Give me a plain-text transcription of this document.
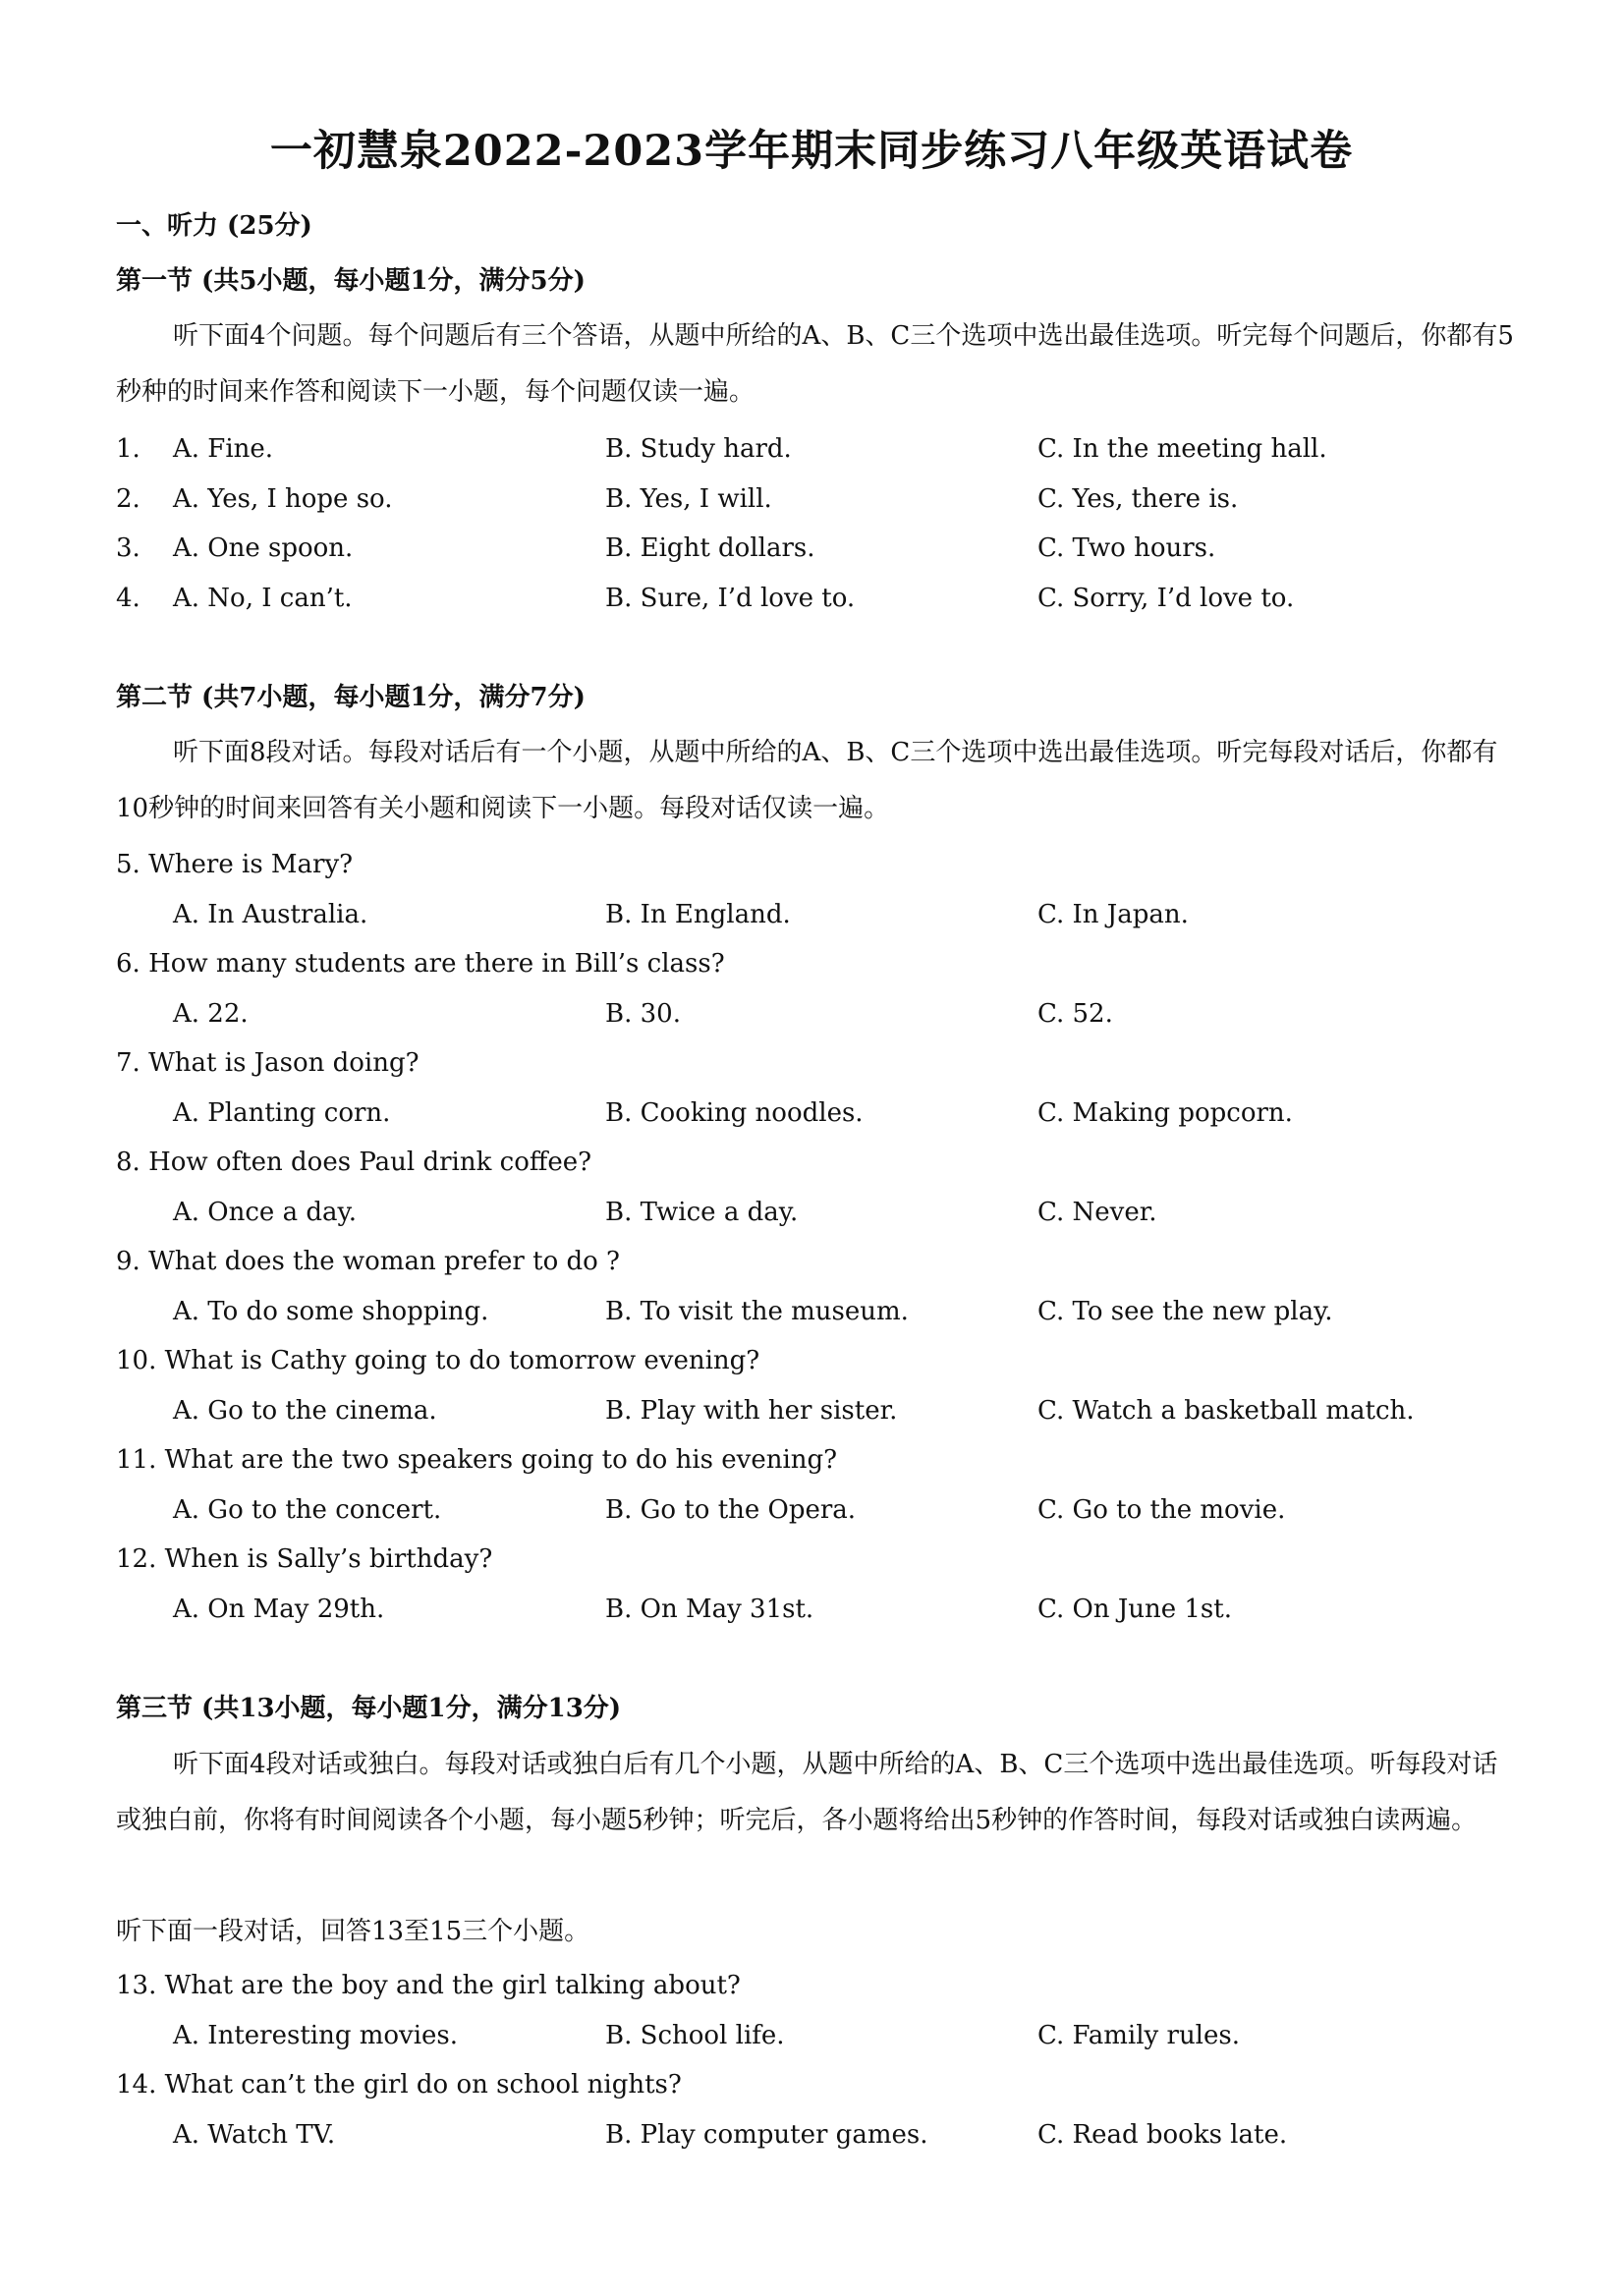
一初慧泉2022-2023学年期末同步练习八年级英语试卷
一、听力 (25分)
第一节 (共5小题，每小题1分，满分5分)
听下面4个问题。每个问题后有三个答语，从题中所给的A、B、C三个选项中选出最佳选项。听完每个问题后，你都有5秒种的时间来作答和阅读下一小题，每个问题仅读一遍。
1. A. Fine.	B. Study hard.	C. In the meeting hall.
2. A. Yes, I hope so.	B. Yes, I will.	C. Yes, there is.
3. A. One spoon.	B. Eight dollars.	C. Two hours.
4. A. No, I can’t.	B. Sure, I’d love to.	C. Sorry, I’d love to.
第二节 (共7小题，每小题1分，满分7分)
听下面8段对话。每段对话后有一个小题，从题中所给的A、B、C三个选项中选出最佳选项。听完每段对话后，你都有10秒钟的时间来回答有关小题和阅读下一小题。每段对话仅读一遍。
5. Where is Mary?
A. In Australia.	B. In England.	C. In Japan.
6. How many students are there in Bill’s class?
A. 22.	B. 30.	C. 52.
7. What is Jason doing?
A. Planting corn.	B. Cooking noodles.	C. Making popcorn.
8. How often does Paul drink coffee?
A. Once a day.	B. Twice a day.	C. Never.
9. What does the woman prefer to do ?
A. To do some shopping.	B. To visit the museum.	C. To see the new play.
10. What is Cathy going to do tomorrow evening?
A. Go to the cinema.	B. Play with her sister.	C. Watch a basketball match.
11. What are the two speakers going to do his evening?
A. Go to the concert.	B. Go to the Opera.	C. Go to the movie.
12. When is Sally’s birthday?
A. On May 29th.	B. On May 31st.	C. On June 1st.
第三节 (共13小题，每小题1分，满分13分)
听下面4段对话或独白。每段对话或独白后有几个小题，从题中所给的A、B、C三个选项中选出最佳选项。听每段对话或独白前，你将有时间阅读各个小题，每小题5秒钟；听完后，各小题将给出5秒钟的作答时间，每段对话或独白读两遍。
听下面一段对话，回答13至15三个小题。
13. What are the boy and the girl talking about?
A. Interesting movies.	B. School life.	C. Family rules.
14. What can’t the girl do on school nights?
A. Watch TV.	B. Play computer games.	C. Read books late.
